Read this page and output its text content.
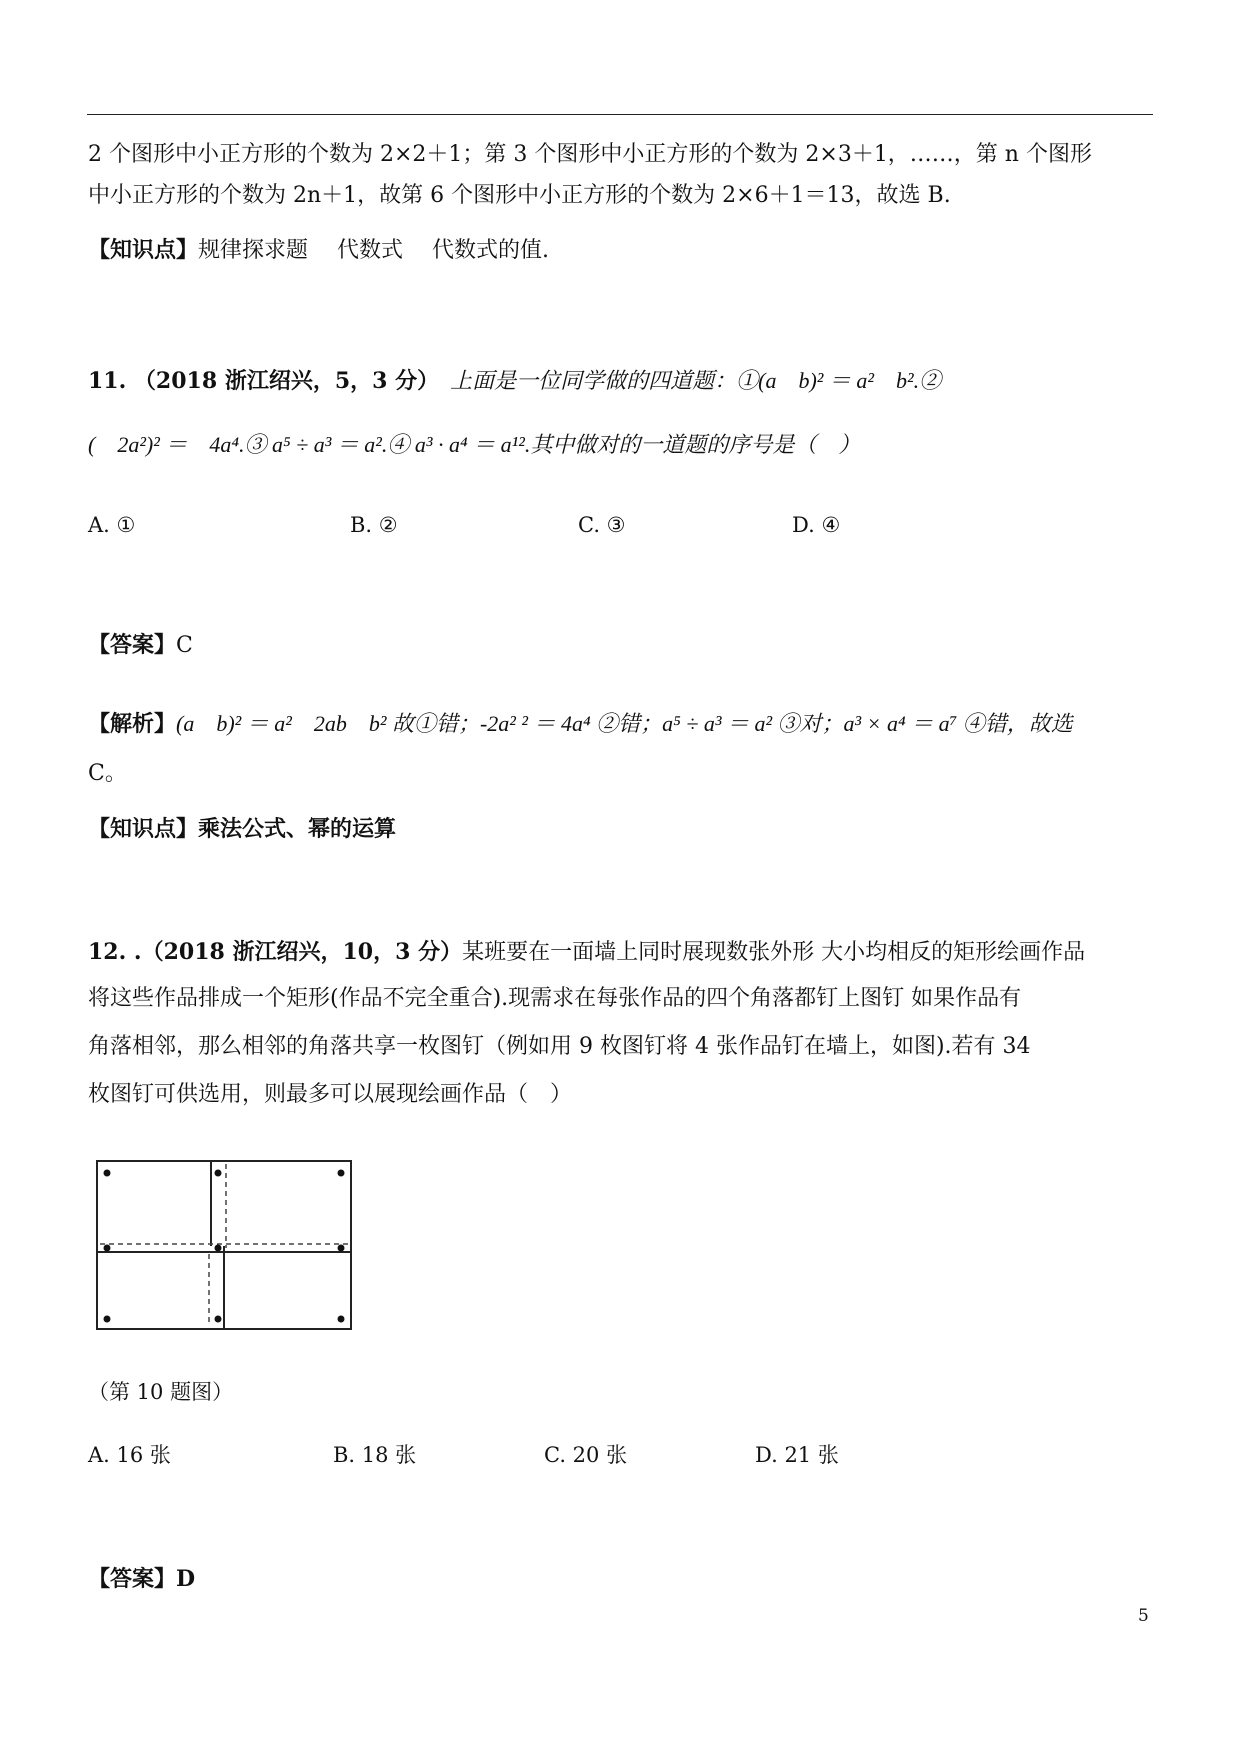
2 个图形中小正方形的个数为 2×2＋1；第 3 个图形中小正方形的个数为 2×3＋1，……，第 n 个图形
中小正方形的个数为 2n＋1，故第 6 个图形中小正方形的个数为 2×6＋1＝13，故选 B.
【知识点】规律探求题　 代数式　 代数式的值.
11. （2018 浙江绍兴，5，3 分）　 上面是一位同学做的四道题：①(a　b)² ＝ a²　b².②
(　2a²)² ＝　4a⁴.③ a⁵ ÷ a³ ＝ a².④ a³ · a⁴ ＝ a¹².其中做对的一道题的序号是（　）
A. ①	B. ②	C. ③	D. ④
【答案】C
【解析】(a　b)² ＝ a²　2ab　b² 故①错；-2a² ² ＝ 4a⁴ ②错；a⁵ ÷ a³ ＝ a² ③对；a³ × a⁴ ＝ a⁷ ④错，故选
C。
【知识点】乘法公式、幂的运算
12. .（2018 浙江绍兴，10，3 分）某班要在一面墙上同时展现数张外形 大小均相反的矩形绘画作品
将这些作品排成一个矩形(作品不完全重合).现需求在每张作品的四个角落都钉上图钉 如果作品有
角落相邻，那么相邻的角落共享一枚图钉（例如用 9 枚图钉将 4 张作品钉在墙上，如图).若有 34
枚图钉可供选用，则最多可以展现绘画作品（　）
（第 10 题图）
A. 16 张	B. 18 张	C. 20 张	D. 21 张
【答案】D
5
